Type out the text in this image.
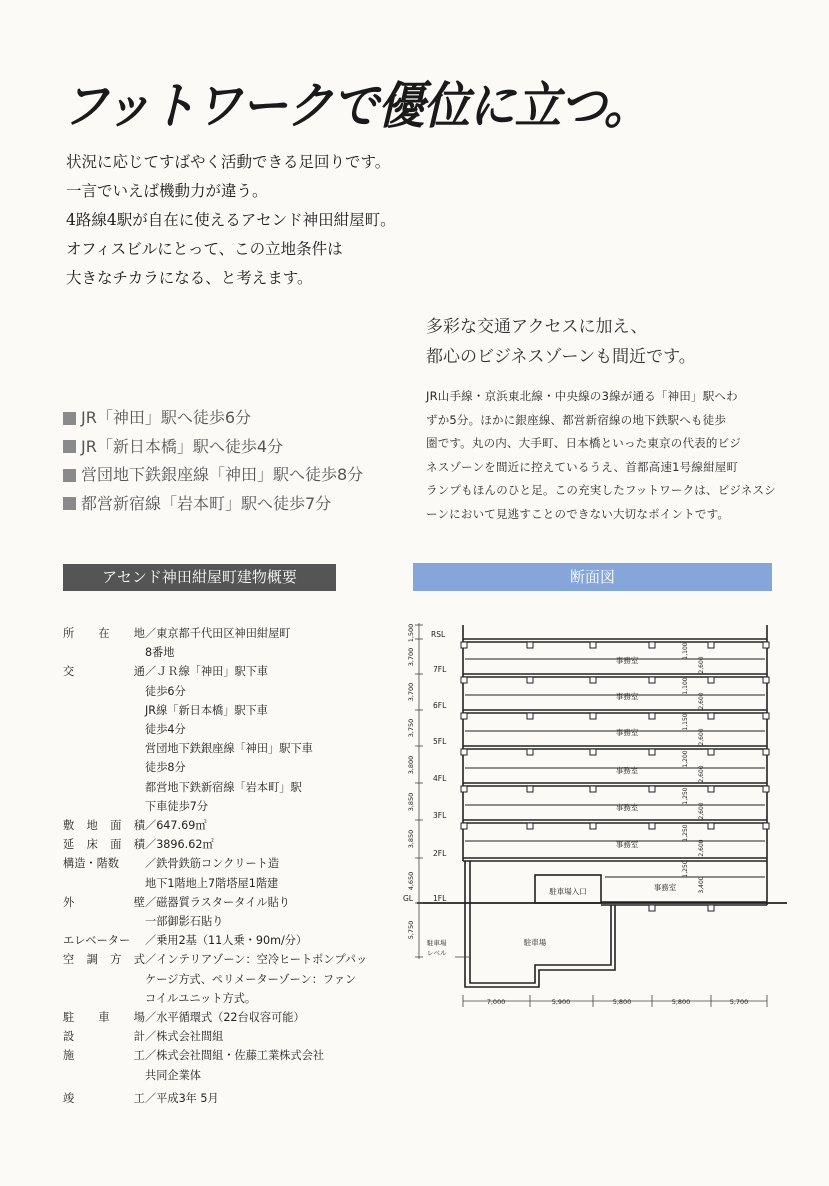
フットワークで優位に立つ。
状況に応じてすばやく活動できる足回りです。
一言でいえば機動力が違う。
4路線4駅が自在に使えるアセンド神田紺屋町。
オフィスビルにとって、この立地条件は
大きなチカラになる、と考えます。
多彩な交通アクセスに加え、
都心のビジネスゾーンも間近です。
JR山手線・京浜東北線・中央線の3線が通る「神田」駅へわ
ずか5分。ほかに銀座線、都営新宿線の地下鉄駅へも徒歩
圏です。丸の内、大手町、日本橋といった東京の代表的ビジ
ネスゾーンを間近に控えているうえ、首都高速1号線紺屋町
ランプもほんのひと足。この充実したフットワークは、ビジネスシ
ーンにおいて見逃すことのできない大切なポイントです。
JR「神田」駅へ徒歩6分
JR「新日本橋」駅へ徒歩4分
営団地下鉄銀座線「神田」駅へ徒歩8分
都営新宿線「岩本町」駅へ徒歩7分
アセンド神田紺屋町建物概要	断面図
所 在 地 ／東京都千代田区神田紺屋町
8番地
交	通 ／ＪＲ線「神田」駅下車
徒歩6分
JR線「新日本橋」駅下車
徒歩4分
営団地下鉄銀座線「神田」駅下車
徒歩8分
都営地下鉄新宿線「岩本町」駅
下車徒歩7分
敷 地 面 積 ／647.69㎡
延 床 面 積 ／3896.62㎡
構造・階数 ／鉄骨鉄筋コンクリート造
地下1階地上7階塔屋1階建
外	壁 ／磁器質ラスタータイル貼り
一部御影石貼り
エレベーター ／乗用2基（11人乗・90m/分）
空 調 方 式 ／インテリアゾーン：空冷ヒートポンプパッ
ケージ方式、ペリメーターゾーン：ファン
コイルユニット方式。
駐 車 場 ／水平循環式（22台収容可能）
設	計 ／株式会社間組
施	工 ／株式会社間組・佐藤工業株式会社
共同企業体
竣	工 ／平成3年 5月
RSL
7FL
6FL
5FL
4FL
3FL
2FL
1FL
GL
駐車場
レベル
事務室
事務室
事務室
事務室
事務室
事務室
事務室
駐車場入口
駐車場
1,500
3,700
3,700
3,750
3,800
3,850
3,850
4,650
5,750
1,100
2,600
1,100
2,600
1,150
2,600
1,200
2,600
1,250
2,600
1,250
2,600
1,250
3,400
7,000	5,900	5,800	5,800	5,700
